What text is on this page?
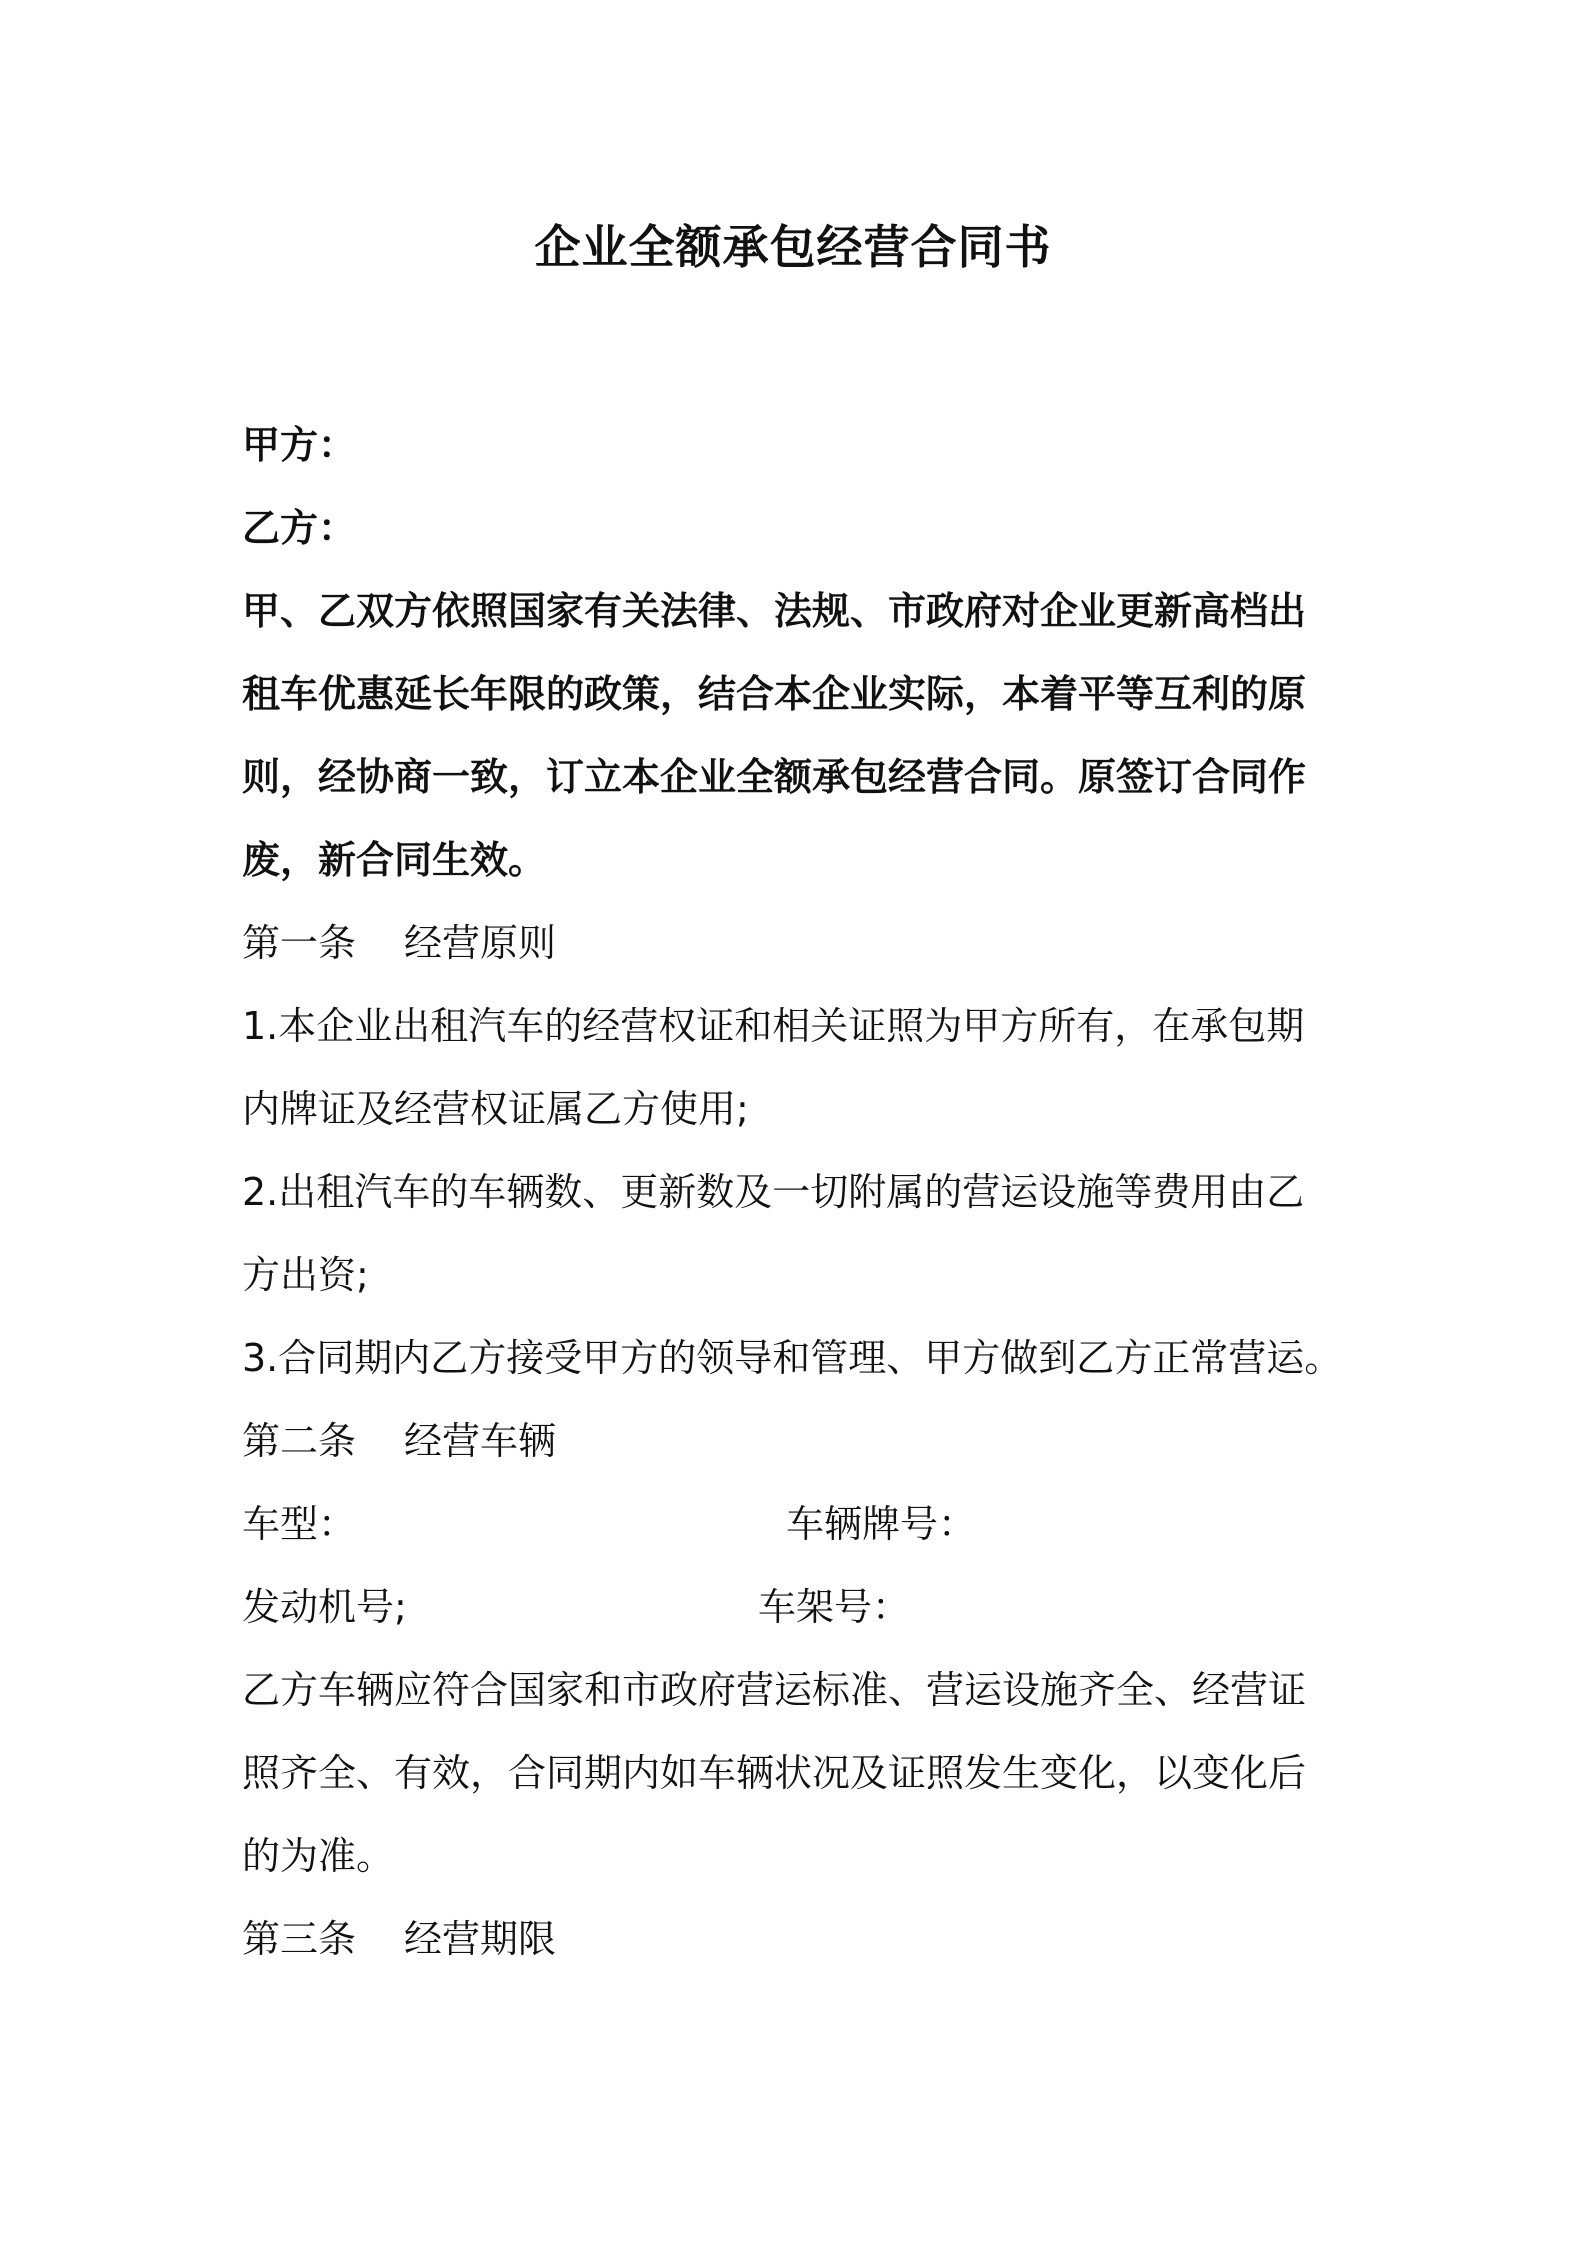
企业全额承包经营合同书
甲方：
乙方：
甲、乙双方依照国家有关法律、法规、市政府对企业更新高档出
租车优惠延长年限的政策，结合本企业实际，本着平等互利的原
则，经协商一致，订立本企业全额承包经营合同。原签订合同作
废，新合同生效。
第一条 经营原则
1.本企业出租汽车的经营权证和相关证照为甲方所有，在承包期
内牌证及经营权证属乙方使用;
2.出租汽车的车辆数、更新数及一切附属的营运设施等费用由乙
方出资;
3.合同期内乙方接受甲方的领导和管理、甲方做到乙方正常营运。
第二条 经营车辆
车型：	车辆牌号：
发动机号;	车架号：
乙方车辆应符合国家和市政府营运标准、营运设施齐全、经营证
照齐全、有效，合同期内如车辆状况及证照发生变化，以变化后
的为准。
第三条 经营期限
